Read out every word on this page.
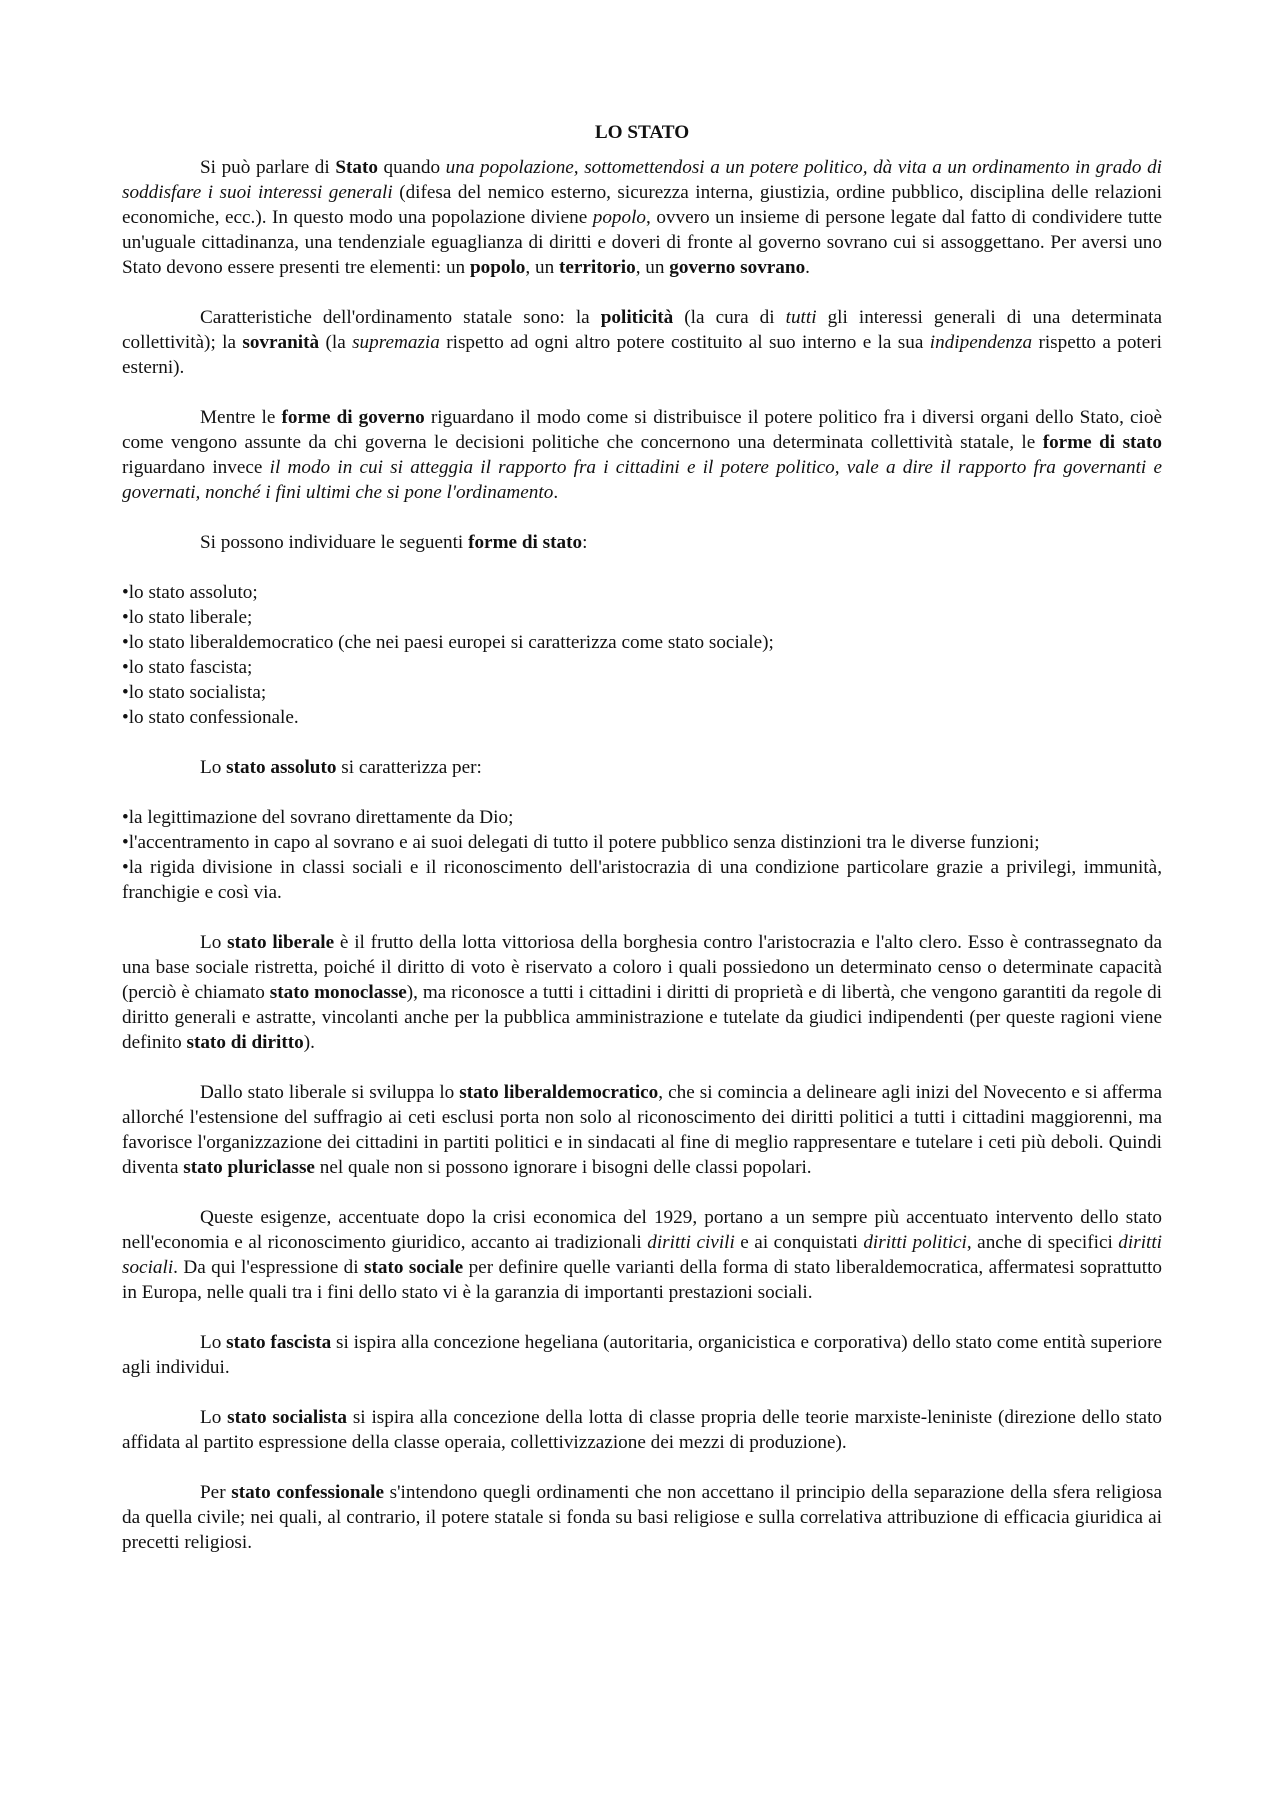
LO STATO

Si può parlare di Stato quando una popolazione, sottomettendosi a un potere politico, dà vita a un ordinamento in grado di soddisfare i suoi interessi generali (difesa del nemico esterno, sicurezza interna, giustizia, ordine pubblico, disciplina delle relazioni economiche, ecc.). In questo modo una popolazione diviene popolo, ovvero un insieme di persone legate dal fatto di condividere tutte un'uguale cittadinanza, una tendenziale eguaglianza di diritti e doveri di fronte al governo sovrano cui si assoggettano. Per aversi uno Stato devono essere presenti tre elementi: un popolo, un territorio, un governo sovrano.

Caratteristiche dell'ordinamento statale sono: la politicità (la cura di tutti gli interessi generali di una determinata collettività); la sovranità (la supremazia rispetto ad ogni altro potere costituito al suo interno e la sua indipendenza rispetto a poteri esterni).

Mentre le forme di governo riguardano il modo come si distribuisce il potere politico fra i diversi organi dello Stato, cioè come vengono assunte da chi governa le decisioni politiche che concernono una determinata collettività statale, le forme di stato riguardano invece il modo in cui si atteggia il rapporto fra i cittadini e il potere politico, vale a dire il rapporto fra governanti e governati, nonché i fini ultimi che si pone l'ordinamento.

Si possono individuare le seguenti forme di stato:

•lo stato assoluto;
•lo stato liberale;
•lo stato liberaldemocratico (che nei paesi europei si caratterizza come stato sociale);
•lo stato fascista;
•lo stato socialista;
•lo stato confessionale.

Lo stato assoluto si caratterizza per:

•la legittimazione del sovrano direttamente da Dio;
•l'accentramento in capo al sovrano e ai suoi delegati di tutto il potere pubblico senza distinzioni tra le diverse funzioni;
•la rigida divisione in classi sociali e il riconoscimento dell'aristocrazia di una condizione particolare grazie a privilegi, immunità, franchigie e così via.

Lo stato liberale è il frutto della lotta vittoriosa della borghesia contro l'aristocrazia e l'alto clero. Esso è contrassegnato da una base sociale ristretta, poiché il diritto di voto è riservato a coloro i quali possiedono un determinato censo o determinate capacità (perciò è chiamato stato monoclasse), ma riconosce a tutti i cittadini i diritti di proprietà e di libertà, che vengono garantiti da regole di diritto generali e astratte, vincolanti anche per la pubblica amministrazione e tutelate da giudici indipendenti (per queste ragioni viene definito stato di diritto).

Dallo stato liberale si sviluppa lo stato liberaldemocratico, che si comincia a delineare agli inizi del Novecento e si afferma allorché l'estensione del suffragio ai ceti esclusi porta non solo al riconoscimento dei diritti politici a tutti i cittadini maggiorenni, ma favorisce l'organizzazione dei cittadini in partiti politici e in sindacati al fine di meglio rappresentare e tutelare i ceti più deboli. Quindi diventa stato pluriclasse nel quale non si possono ignorare i bisogni delle classi popolari.

Queste esigenze, accentuate dopo la crisi economica del 1929, portano a un sempre più accentuato intervento dello stato nell'economia e al riconoscimento giuridico, accanto ai tradizionali diritti civili e ai conquistati diritti politici, anche di specifici diritti sociali. Da qui l'espressione di stato sociale per definire quelle varianti della forma di stato liberaldemocratica, affermatesi soprattutto in Europa, nelle quali tra i fini dello stato vi è la garanzia di importanti prestazioni sociali.

Lo stato fascista si ispira alla concezione hegeliana (autoritaria, organicistica e corporativa) dello stato come entità superiore agli individui.

Lo stato socialista si ispira alla concezione della lotta di classe propria delle teorie marxiste-leniniste (direzione dello stato affidata al partito espressione della classe operaia, collettivizzazione dei mezzi di produzione).

Per stato confessionale s'intendono quegli ordinamenti che non accettano il principio della separazione della sfera religiosa da quella civile; nei quali, al contrario, il potere statale si fonda su basi religiose e sulla correlativa attribuzione di efficacia giuridica ai precetti religiosi.
